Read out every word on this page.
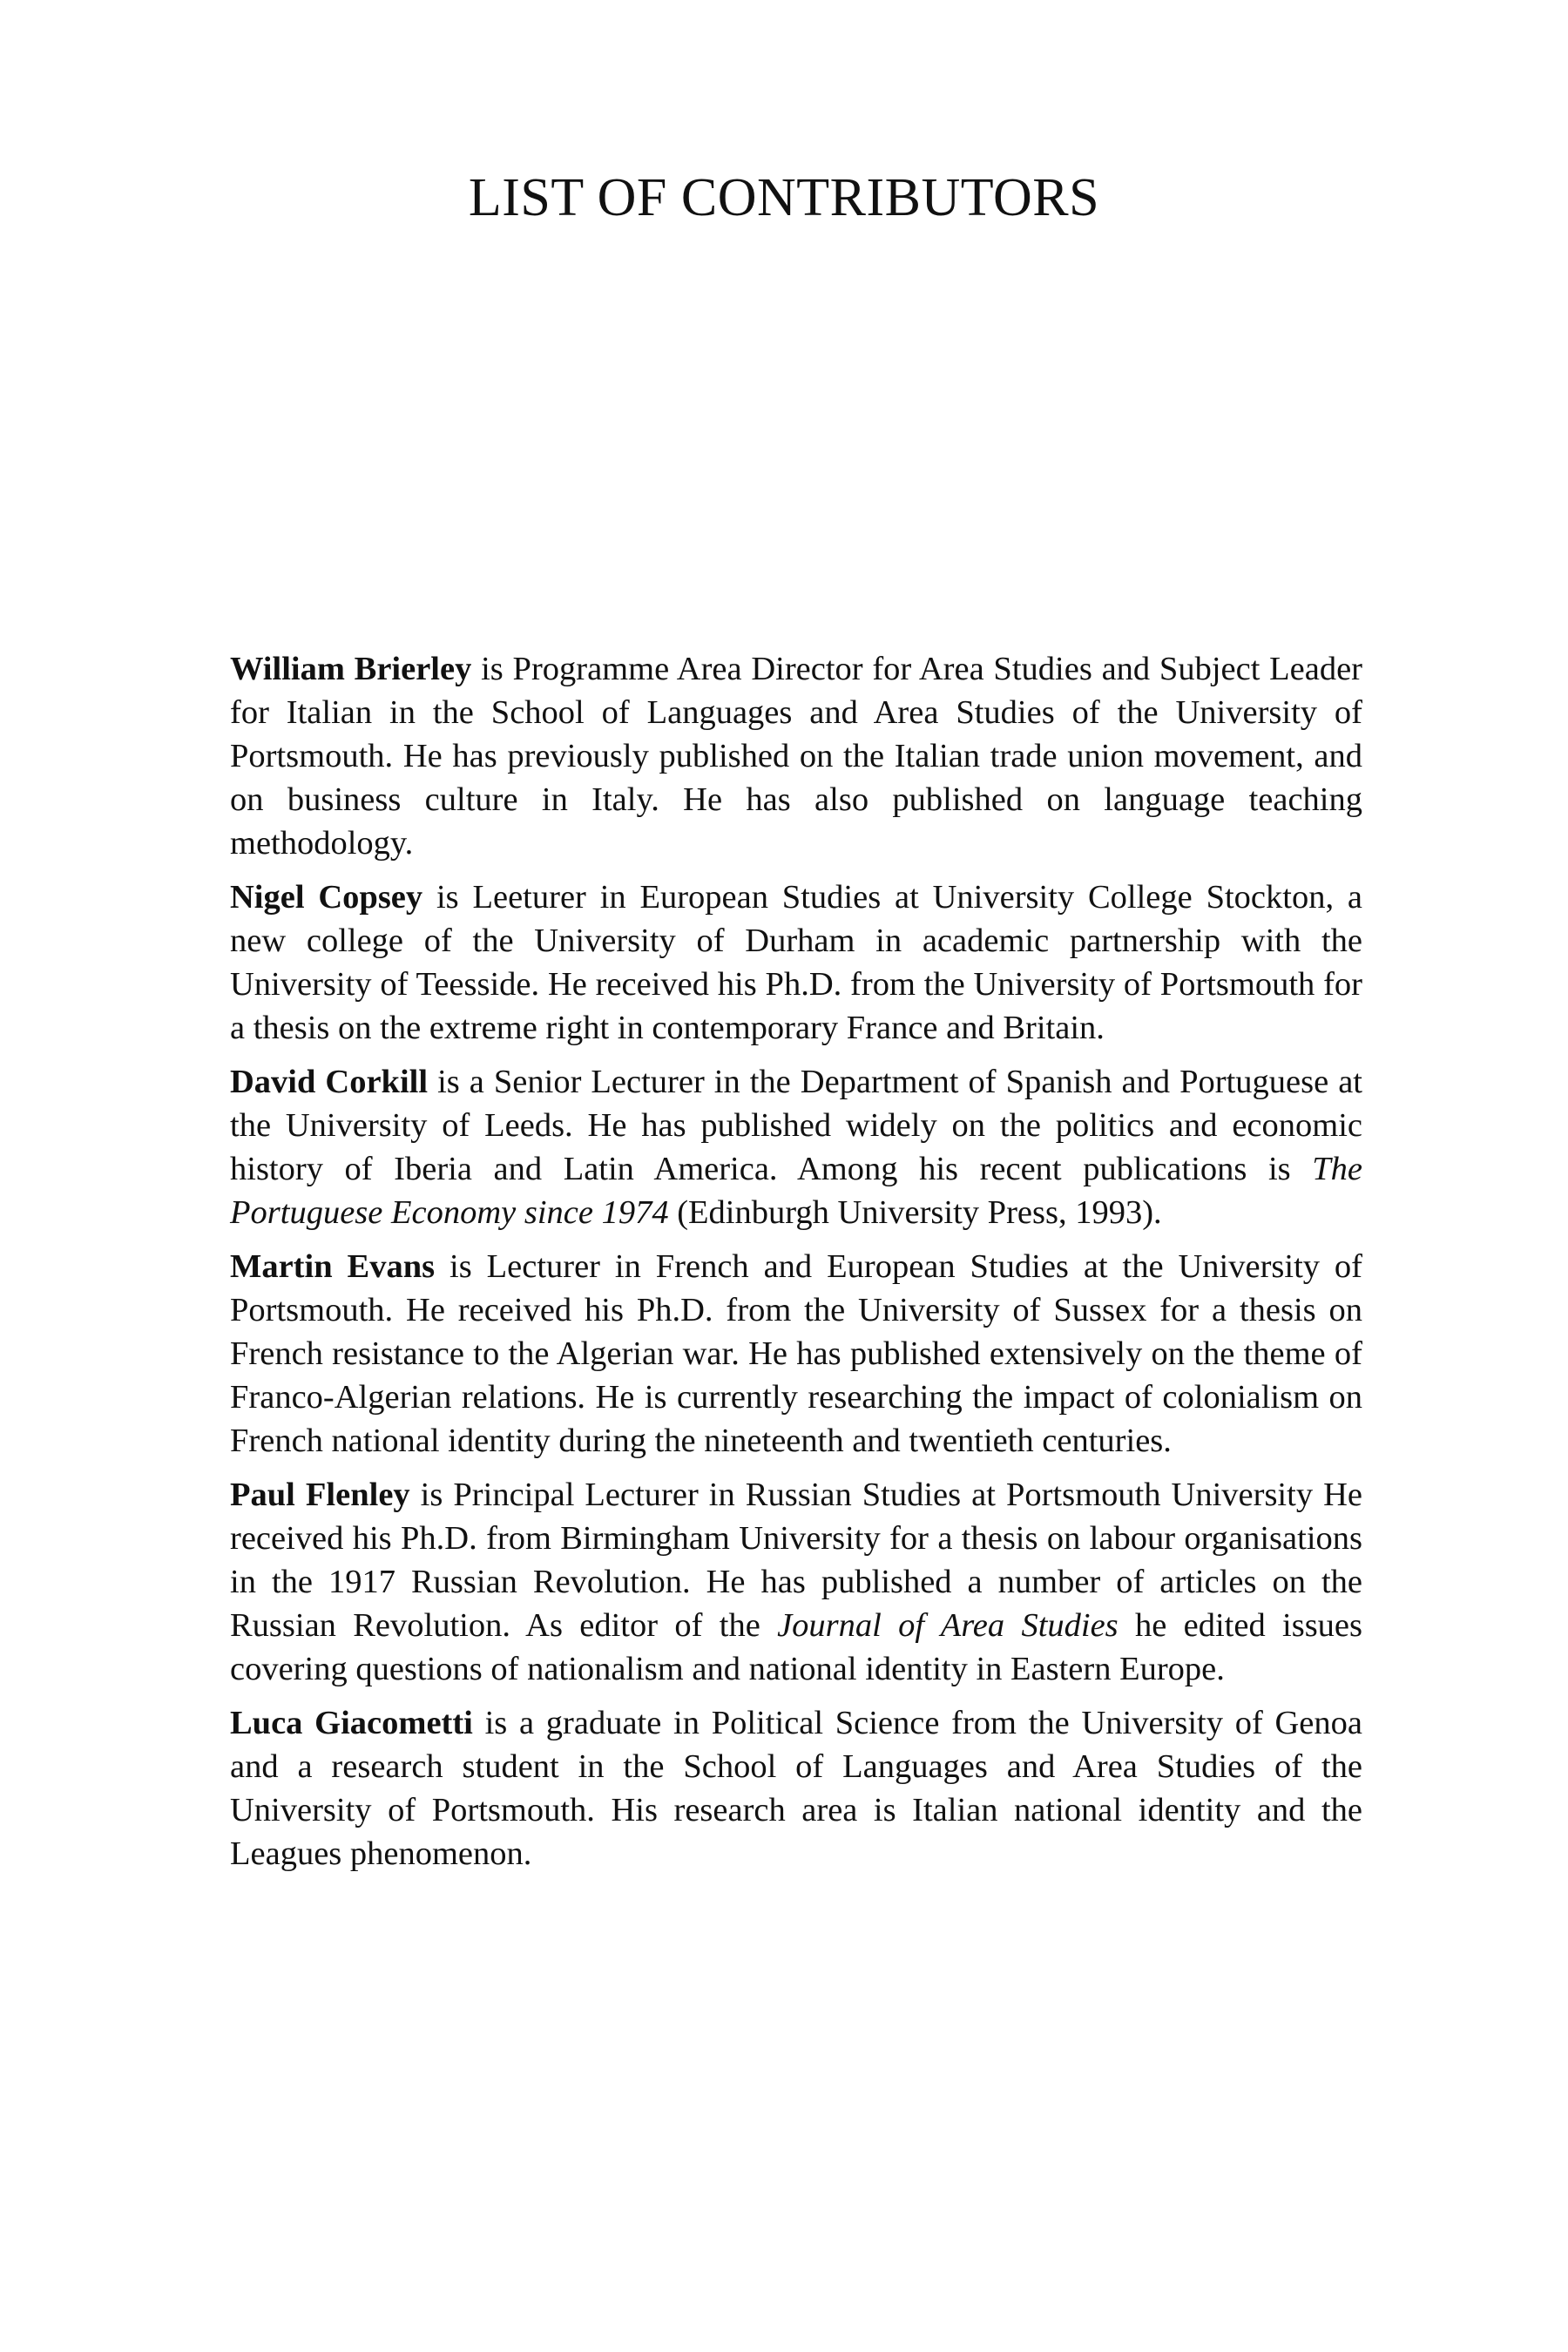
LIST OF CONTRIBUTORS

William Brierley is Programme Area Director for Area Studies and Subject Leader for Italian in the School of Languages and Area Studies of the University of Portsmouth. He has previously published on the Italian trade union movement, and on business culture in Italy. He has also published on language teaching methodology.

Nigel Copsey is Leeturer in European Studies at University College Stockton, a new college of the University of Durham in academic partnership with the University of Teesside. He received his Ph.D. from the University of Portsmouth for a thesis on the extreme right in contemporary France and Britain.

David Corkill is a Senior Lecturer in the Department of Spanish and Portuguese at the University of Leeds. He has published widely on the politics and economic history of Iberia and Latin America. Among his recent publications is The Portuguese Economy since 1974 (Edinburgh University Press, 1993).

Martin Evans is Lecturer in French and European Studies at the University of Portsmouth. He received his Ph.D. from the University of Sussex for a thesis on French resistance to the Algerian war. He has published extensively on the theme of Franco-Algerian relations. He is currently researching the impact of colonialism on French national identity during the nineteenth and twentieth centuries.

Paul Flenley is Principal Lecturer in Russian Studies at Portsmouth University He received his Ph.D. from Birmingham University for a thesis on labour organisations in the 1917 Russian Revolution. He has published a number of articles on the Russian Revolution. As editor of the Journal of Area Studies he edited issues covering questions of nationalism and national identity in Eastern Europe.

Luca Giacometti is a graduate in Political Science from the University of Genoa and a research student in the School of Languages and Area Studies of the University of Portsmouth. His research area is Italian national identity and the Leagues phenomenon.
